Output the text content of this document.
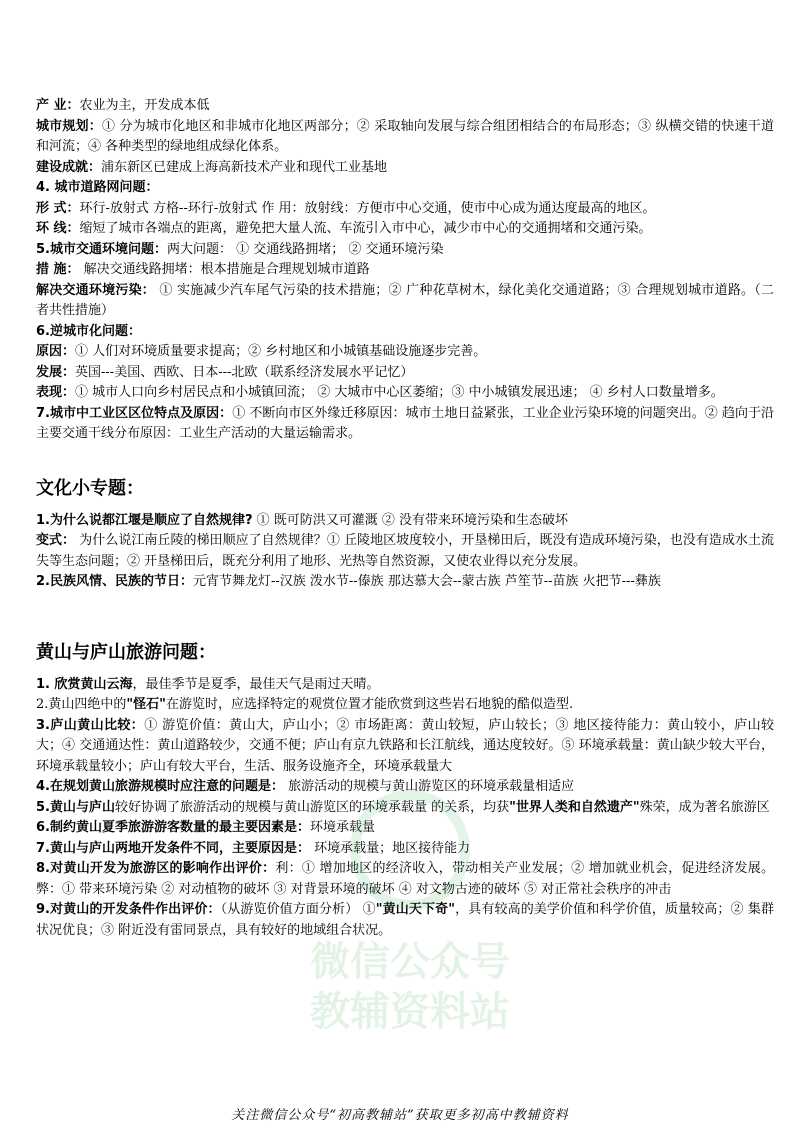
产 业：农业为主，开发成本低

城市规划：① 分为城市化地区和非城市化地区两部分；② 采取轴向发展与综合组团相结合的布局形态；③ 纵横交错的快速干道和河流；④ 各种类型的绿地组成绿化体系。

建设成就：浦东新区已建成上海高新技术产业和现代工业基地

4. 城市道路网问题：

形 式：环行-放射式 方格--环行-放射式 作 用：放射线：方便市中心交通，使市中心成为通达度最高的地区。

环 线：缩短了城市各端点的距离，避免把大量人流、车流引入市中心，减少市中心的交通拥堵和交通污染。

5.城市交通环境问题：两大问题： ① 交通线路拥堵； ② 交通环境污染

措 施： 解决交通线路拥堵：根本措施是合理规划城市道路

解决交通环境污染： ① 实施减少汽车尾气污染的技术措施；② 广种花草树木，绿化美化交通道路；③ 合理规划城市道路。（二者共性措施）

6.逆城市化问题：

原因：① 人们对环境质量要求提高；② 乡村地区和小城镇基础设施逐步完善。

发展：英国---美国、西欧、日本---北欧（联系经济发展水平记忆）

表现：① 城市人口向乡村居民点和小城镇回流； ② 大城市中心区萎缩；③ 中小城镇发展迅速； ④ 乡村人口数量增多。

7.城市中工业区区位特点及原因：① 不断向市区外缘迁移原因：城市土地日益紧张，工业企业污染环境的问题突出。② 趋向于沿主要交通干线分布原因：工业生产活动的大量运输需求。

文化小专题：

1.为什么说都江堰是顺应了自然规律? ① 既可防洪又可灌溉 ② 没有带来环境污染和生态破坏

变式： 为什么说江南丘陵的梯田顺应了自然规律？① 丘陵地区坡度较小，开垦梯田后，既没有造成环境污染，也没有造成水土流失等生态问题；② 开垦梯田后，既充分利用了地形、光热等自然资源，又使农业得以充分发展。

2.民族风情、民族的节日：元宵节舞龙灯--汉族 泼水节--傣族 那达慕大会--蒙古族 芦笙节--苗族 火把节---彝族

黄山与庐山旅游问题：

1. 欣赏黄山云海，最佳季节是夏季，最佳天气是雨过天晴。

2.黄山四绝中的"怪石"在游览时，应选择特定的观赏位置才能欣赏到这些岩石地貌的酷似造型.

3.庐山黄山比较：① 游览价值：黄山大，庐山小；② 市场距离：黄山较短，庐山较长；③ 地区接待能力：黄山较小，庐山较大；④ 交通通达性：黄山道路较少，交通不便；庐山有京九铁路和长江航线，通达度较好。⑤ 环境承载量：黄山缺少较大平台，环境承载量较小；庐山有较大平台，生活、服务设施齐全，环境承载量大

4.在规划黄山旅游规模时应注意的问题是： 旅游活动的规模与黄山游览区的环境承载量相适应

5.黄山与庐山较好协调了旅游活动的规模与黄山游览区的环境承载量 的关系，均获"世界人类和自然遗产"殊荣，成为著名旅游区

6.制约黄山夏季旅游游客数量的最主要因素是：环境承载量

7.黄山与庐山两地开发条件不同，主要原因是： 环境承载量；地区接待能力

8.对黄山开发为旅游区的影响作出评价：利：① 增加地区的经济收入，带动相关产业发展；② 增加就业机会，促进经济发展。 弊：① 带来环境污染 ② 对动植物的破坏 ③ 对背景环境的破坏 ④ 对文物古迹的破坏 ⑤ 对正常社会秩序的冲击

9.对黄山的开发条件作出评价：（从游览价值方面分析） ①"黄山天下奇"，具有较高的美学价值和科学价值，质量较高；② 集群状况优良；③ 附近没有雷同景点，具有较好的地域组合状况。

微信公众号
教辅资料站
关注微信公众号“初高教辅站”获取更多初高中教辅资料
